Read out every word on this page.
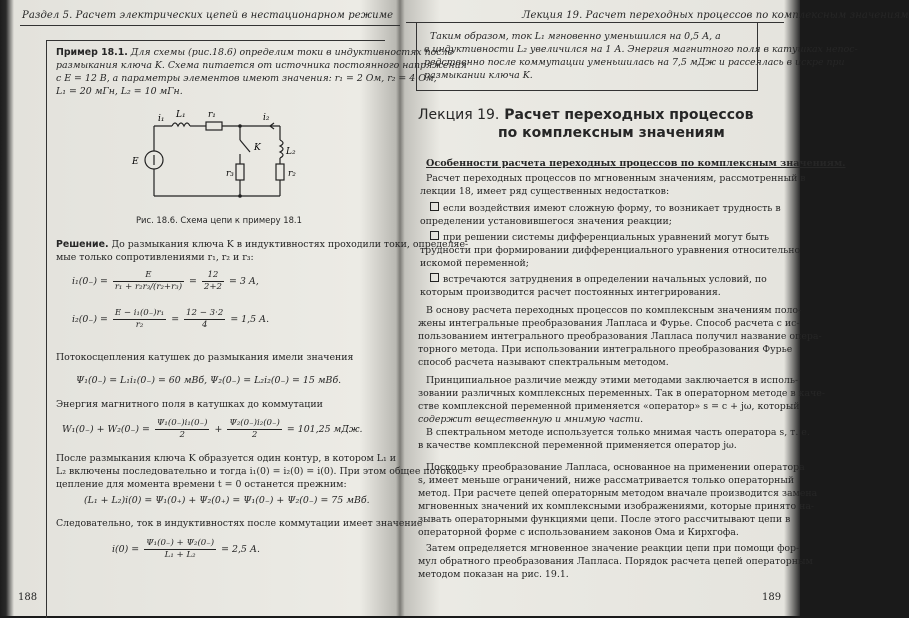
Раздел 5. Расчет электрических цепей в нестационарном режиме
Пример 18.1. Для схемы (рис.18.6) определим токи в индуктивностях после
размыкания ключа K. Схема питается от источника постоянного напряжения
с E = 12 В, а параметры элементов имеют значения: r₁ = 2 Ом, r₂ = 4 Ом,
L₁ = 20 мГн, L₂ = 10 мГн.
L₁ r₁	i₂
L₂
r₂
r₃
K
E
i₁
Рис. 18.6. Схема цепи к примеру 18.1
Решение. До размыкания ключа K в индуктивностях проходили токи, определяе-
мые только сопротивлениями r₁, r₂ и r₃:
$i_1(0_-) = \frac{E}{\text{r₁ + r₂r₃/(r₂+r₃)}} = \frac{12}{2+2} = 3$ А,
$i_2(0_-) = \frac{\text{E − i₁(0₋)r₁}}{\text{r₂}} = \frac{12 - 3\cdot 2}{4} = 1,5$ А.
Потокосцепления катушек до размыкания имели значения
Ψ₁(0₋) = L₁i₁(0₋) = 60 мВб, Ψ₂(0₋) = L₂i₂(0₋) = 15 мВб.
Энергия магнитного поля в катушках до коммутации
$W_1(0_-) + W_2(0_-) = \frac{\text{Ψ₁(0₋)i₁(0₋)}}{2} + \frac{\text{Ψ₂(0₋)i₂(0₋)}}{2} = 101,25$ мДж.
После размыкания ключа K образуется один контур, в котором L₁ и
L₂ включены последовательно и тогда i₁(0) = i₂(0) = i(0). При этом общее потокос-
цепление для момента времени t = 0 останется прежним:
(L₁ + L₂)i(0) = Ψ₁(0₊) + Ψ₂(0₊) = Ψ₁(0₋) + Ψ₂(0₋) = 75 мВб.
Следовательно, ток в индуктивностях после коммутации имеет значение
$i(0) = \frac{\text{Ψ₁(0₋) + Ψ₂(0₋)}}{\text{L₁ + L₂}} = 2,5$ А.
188
Лекция 19. Расчет переходных процессов по комплексным значениям
Таким образом, ток L₁ мгновенно уменьшился на 0,5 А, а
в индуктивности L₂ увеличился на 1 А. Энергия магнитного поля в катушках непос-
редственно после коммутации уменьшилась на 7,5 мДж и рассеялась в искре при
размыкании ключа K.
Лекция 19. Расчет переходных процессов
по комплексным значениям
Особенности расчета переходных процессов по комплексным значениям.
Расчет переходных процессов по мгновенным значениям, рассмотренный в
лекции 18, имеет ряд существенных недостатков:
если воздействия имеют сложную форму, то возникает трудность в
определении установившегося значения реакции;
при решении системы дифференциальных уравнений могут быть
трудности при формировании дифференциального уравнения относительно
искомой переменной;
встречаются затруднения в определении начальных условий, по
которым производится расчет постоянных интегрирования.
В основу расчета переходных процессов по комплексным значениям поло-
жены интегральные преобразования Лапласа и Фурье. Способ расчета с ис-
пользованием интегрального преобразования Лапласа получил название опера-
торного метода. При использовании интегрального преобразования Фурье
способ расчета называют спектральным методом.
Принципиальное различие между этими методами заключается в исполь-
зовании различных комплексных переменных. Так в операторном методе в каче-
стве комплексной переменной применяется «оператор» s = c + jω, который
содержит вещественную и мнимую части.
В спектральном методе используется только мнимая часть оператора s, т. е.
в качестве комплексной переменной применяется оператор jω.
Поскольку преобразование Лапласа, основанное на применении оператора
s, имеет меньше ограничений, ниже рассматривается только операторный
метод. При расчете цепей операторным методом вначале производится замена
мгновенных значений их комплексными изображениями, которые принято на-
зывать операторными функциями цепи. После этого рассчитывают цепи в
операторной форме с использованием законов Ома и Кирхгофа.
Затем определяется мгновенное значение реакции цепи при помощи фор-
мул обратного преобразования Лапласа. Порядок расчета цепей операторным
методом показан на рис. 19.1.
189
